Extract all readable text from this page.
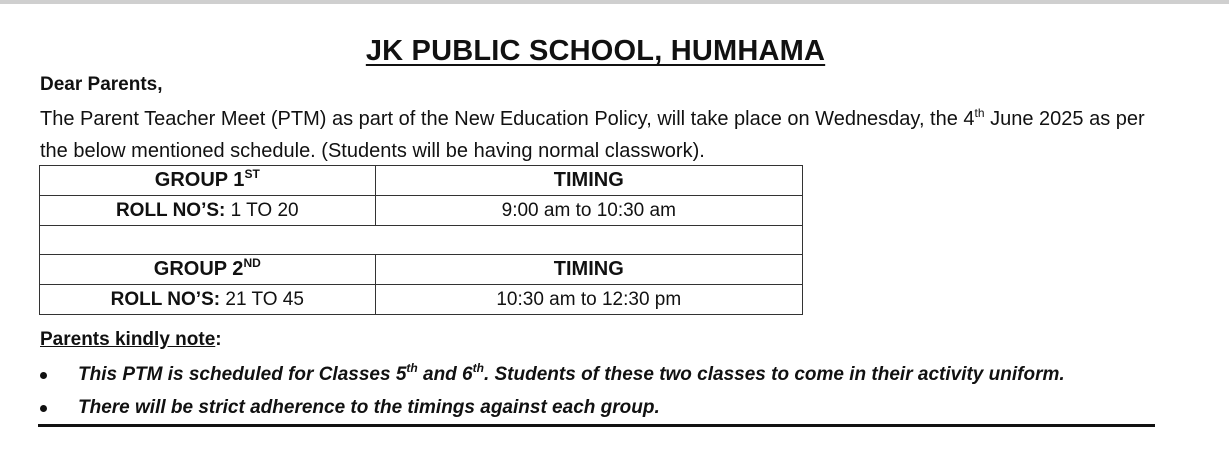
JK PUBLIC SCHOOL, HUMHAMA
Dear Parents,
The Parent Teacher Meet (PTM) as part of the New Education Policy, will take place on Wednesday, the 4th June 2025 as per the below mentioned schedule. (Students will be having normal classwork).
GROUP 1ST	TIMING
ROLL NO’S: 1 TO 20	9:00 am to 10:30 am

GROUP 2ND	TIMING
ROLL NO’S: 21 TO 45	10:30 am to 12:30 pm
Parents kindly note:
This PTM is scheduled for Classes 5th and 6th. Students of these two classes to come in their activity uniform.
There will be strict adherence to the timings against each group.
